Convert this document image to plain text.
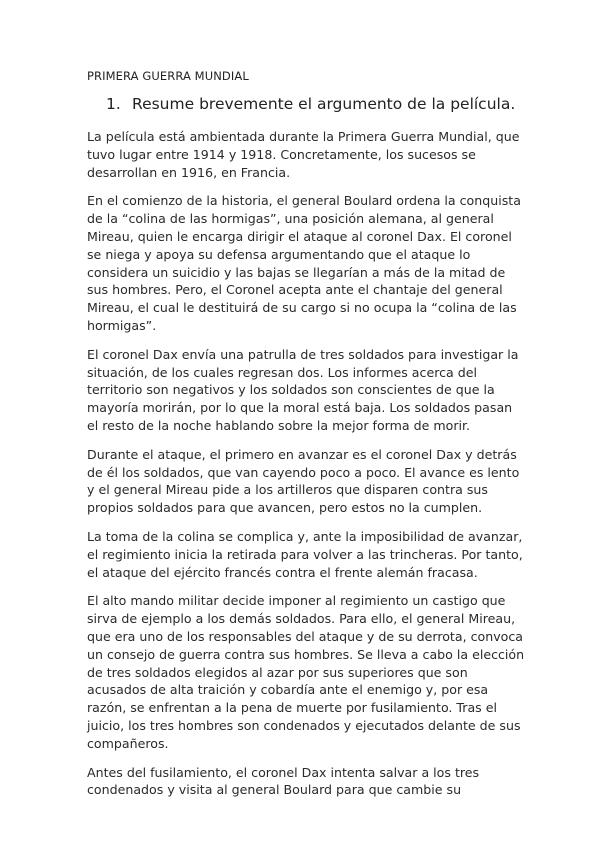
PRIMERA GUERRA MUNDIAL
1. Resume brevemente el argumento de la película.

La película está ambientada durante la Primera Guerra Mundial, que tuvo lugar entre 1914 y 1918. Concretamente, los sucesos se desarrollan en 1916, en Francia.

En el comienzo de la historia, el general Boulard ordena la conquista de la “colina de las hormigas”, una posición alemana, al general Mireau, quien le encarga dirigir el ataque al coronel Dax. El coronel se niega y apoya su defensa argumentando que el ataque lo considera un suicidio y las bajas se llegarían a más de la mitad de sus hombres. Pero, el Coronel acepta ante el chantaje del general Mireau, el cual le destituirá de su cargo si no ocupa la “colina de las hormigas”.

El coronel Dax envía una patrulla de tres soldados para investigar la situación, de los cuales regresan dos. Los informes acerca del territorio son negativos y los soldados son conscientes de que la mayoría morirán, por lo que la moral está baja. Los soldados pasan el resto de la noche hablando sobre la mejor forma de morir.

Durante el ataque, el primero en avanzar es el coronel Dax y detrás de él los soldados, que van cayendo poco a poco. El avance es lento y el general Mireau pide a los artilleros que disparen contra sus propios soldados para que avancen, pero estos no la cumplen.

La toma de la colina se complica y, ante la imposibilidad de avanzar, el regimiento inicia la retirada para volver a las trincheras. Por tanto, el ataque del ejército francés contra el frente alemán fracasa.

El alto mando militar decide imponer al regimiento un castigo que sirva de ejemplo a los demás soldados. Para ello, el general Mireau, que era uno de los responsables del ataque y de su derrota, convoca un consejo de guerra contra sus hombres. Se lleva a cabo la elección de tres soldados elegidos al azar por sus superiores que son acusados de alta traición y cobardía ante el enemigo y, por esa razón, se enfrentan a la pena de muerte por fusilamiento. Tras el juicio, los tres hombres son condenados y ejecutados delante de sus compañeros.

Antes del fusilamiento, el coronel Dax intenta salvar a los tres condenados y visita al general Boulard para que cambie su
